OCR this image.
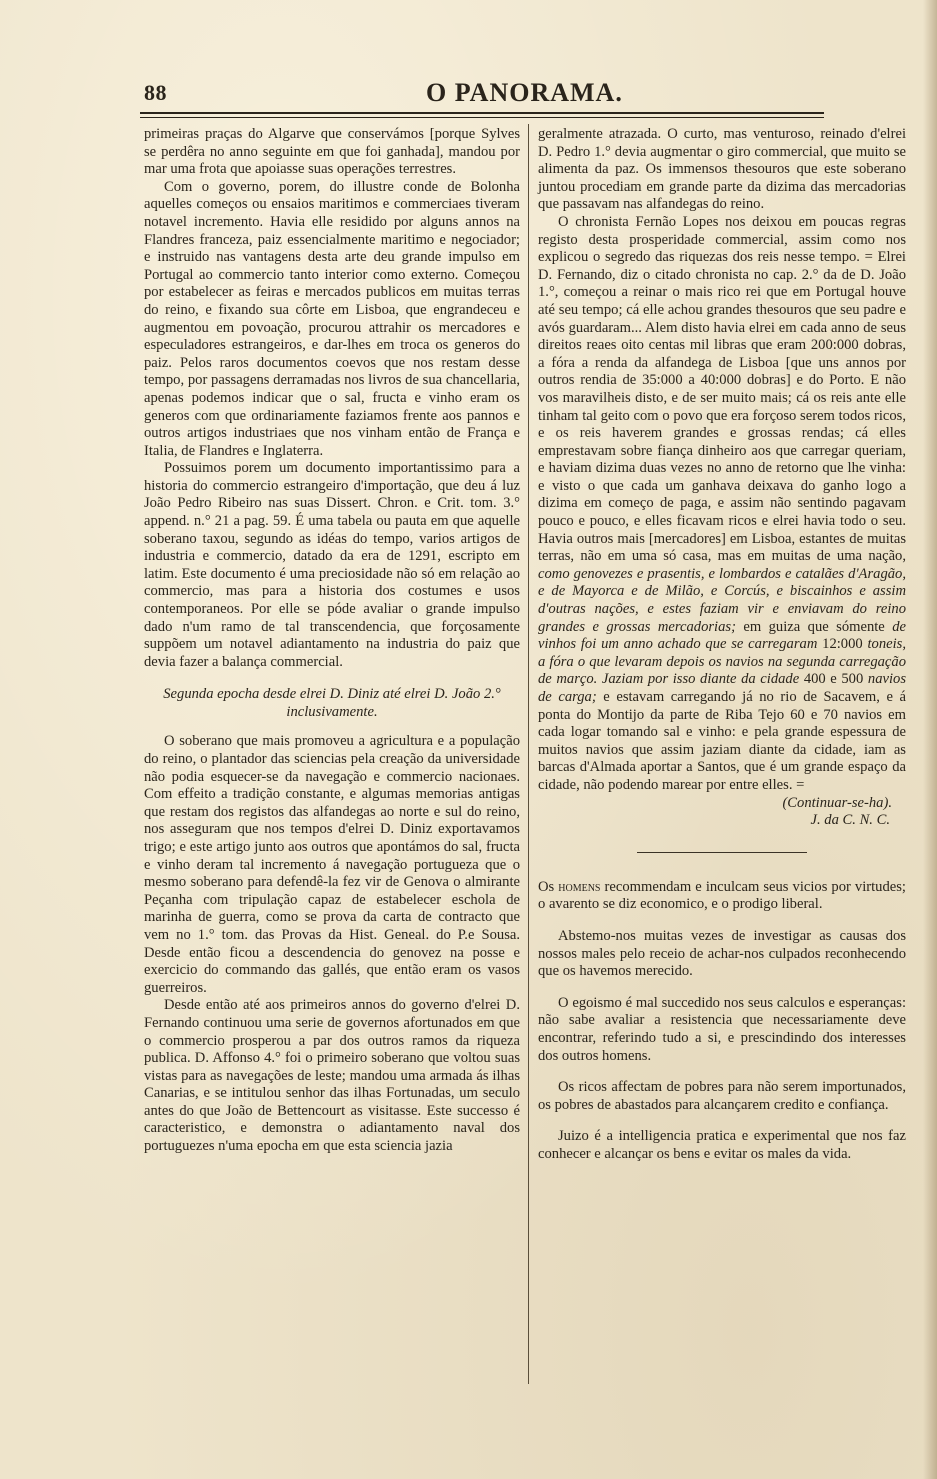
88	O PANORAMA.

primeiras praças do Algarve que conservámos [porque Sylves se perdêra no anno seguinte em que foi ganhada], mandou por mar uma frota que apoiasse suas operações terrestres.

Com o governo, porem, do illustre conde de Bolonha aquelles começos ou ensaios maritimos e commerciaes tiveram notavel incremento. Havia elle residido por alguns annos na Flandres franceza, paiz essencialmente maritimo e negociador; e instruido nas vantagens desta arte deu grande impulso em Portugal ao commercio tanto interior como externo. Começou por estabelecer as feiras e mercados publicos em muitas terras do reino, e fixando sua côrte em Lisboa, que engrandeceu e augmentou em povoação, procurou attrahir os mercadores e especuladores estrangeiros, e dar-lhes em troca os generos do paiz. Pelos raros documentos coevos que nos restam desse tempo, por passagens derramadas nos livros de sua chancellaria, apenas podemos indicar que o sal, fructa e vinho eram os generos com que ordinariamente faziamos frente aos pannos e outros artigos industriaes que nos vinham então de França e Italia, de Flandres e Inglaterra.

Possuimos porem um documento importantissimo para a historia do commercio estrangeiro d'importação, que deu á luz João Pedro Ribeiro nas suas Dissert. Chron. e Crit. tom. 3.° append. n.° 21 a pag. 59. É uma tabela ou pauta em que aquelle soberano taxou, segundo as idéas do tempo, varios artigos de industria e commercio, datado da era de 1291, escripto em latim. Este documento é uma preciosidade não só em relação ao commercio, mas para a historia dos costumes e usos contemporaneos. Por elle se póde avaliar o grande impulso dado n'um ramo de tal transcendencia, que forçosamente suppõem um notavel adiantamento na industria do paiz que devia fazer a balança commercial.

Segunda epocha desde elrei D. Diniz até elrei D. João 2.° inclusivamente.

O soberano que mais promoveu a agricultura e a população do reino, o plantador das sciencias pela creação da universidade não podia esquecer-se da navegação e commercio nacionaes. Com effeito a tradição constante, e algumas memorias antigas que restam dos registos das alfandegas ao norte e sul do reino, nos asseguram que nos tempos d'elrei D. Diniz exportavamos trigo; e este artigo junto aos outros que apontámos do sal, fructa e vinho deram tal incremento á navegação portugueza que o mesmo soberano para defendê-la fez vir de Genova o almirante Peçanha com tripulação capaz de estabelecer eschola de marinha de guerra, como se prova da carta de contracto que vem no 1.° tom. das Provas da Hist. Geneal. do P.e Sousa. Desde então ficou a descendencia do genovez na posse e exercicio do commando das gallés, que então eram os vasos guerreiros.

Desde então até aos primeiros annos do governo d'elrei D. Fernando continuou uma serie de governos afortunados em que o commercio prosperou a par dos outros ramos da riqueza publica. D. Affonso 4.° foi o primeiro soberano que voltou suas vistas para as navegações de leste; mandou uma armada ás ilhas Canarias, e se intitulou senhor das ilhas Fortunadas, um seculo antes do que João de Bettencourt as visitasse. Este successo é caracteristico, e demonstra o adiantamento naval dos portuguezes n'uma epocha em que esta sciencia jazia

geralmente atrazada. O curto, mas venturoso, reinado d'elrei D. Pedro 1.° devia augmentar o giro commercial, que muito se alimenta da paz. Os immensos thesouros que este soberano juntou procediam em grande parte da dizima das mercadorias que passavam nas alfandegas do reino.

O chronista Fernão Lopes nos deixou em poucas regras registo desta prosperidade commercial, assim como nos explicou o segredo das riquezas dos reis nesse tempo. = Elrei D. Fernando, diz o citado chronista no cap. 2.° da de D. João 1.°, começou a reinar o mais rico rei que em Portugal houve até seu tempo; cá elle achou grandes thesouros que seu padre e avós guardaram... Alem disto havia elrei em cada anno de seus direitos reaes oito centas mil libras que eram 200:000 dobras, a fóra a renda da alfandega de Lisboa [que uns annos por outros rendia de 35:000 a 40:000 dobras] e do Porto. E não vos maravilheis disto, e de ser muito mais; cá os reis ante elle tinham tal geito com o povo que era forçoso serem todos ricos, e os reis haverem grandes e grossas rendas; cá elles emprestavam sobre fiança dinheiro aos que carregar queriam, e haviam dizima duas vezes no anno de retorno que lhe vinha: e visto o que cada um ganhava deixava do ganho logo a dizima em começo de paga, e assim não sentindo pagavam pouco e pouco, e elles ficavam ricos e elrei havia todo o seu. Havia outros mais [mercadores] em Lisboa, estantes de muitas terras, não em uma só casa, mas em muitas de uma nação, como genovezes e prasentis, e lombardos e catalães d'Aragão, e de Mayorca e de Milão, e Corcús, e biscainhos e assim d'outras nações, e estes faziam vir e enviavam do reino grandes e grossas mercadorias; em guiza que sómente de vinhos foi um anno achado que se carregaram 12:000 toneis, a fóra o que levaram depois os navios na segunda carregação de março. Jaziam por isso diante da cidade 400 e 500 navios de carga; e estavam carregando já no rio de Sacavem, e á ponta do Montijo da parte de Riba Tejo 60 e 70 navios em cada logar tomando sal e vinho: e pela grande espessura de muitos navios que assim jaziam diante da cidade, iam as barcas d'Almada aportar a Santos, que é um grande espaço da cidade, não podendo marear por entre elles. =

(Continuar-se-ha).

J. da C. N. C.

Os homens recommendam e inculcam seus vicios por virtudes; o avarento se diz economico, e o prodigo liberal.

Abstemo-nos muitas vezes de investigar as causas dos nossos males pelo receio de achar-nos culpados reconhecendo que os havemos merecido.

O egoismo é mal succedido nos seus calculos e esperanças: não sabe avaliar a resistencia que necessariamente deve encontrar, referindo tudo a si, e prescindindo dos interesses dos outros homens.

Os ricos affectam de pobres para não serem importunados, os pobres de abastados para alcançarem credito e confiança.

Juizo é a intelligencia pratica e experimental que nos faz conhecer e alcançar os bens e evitar os males da vida.
